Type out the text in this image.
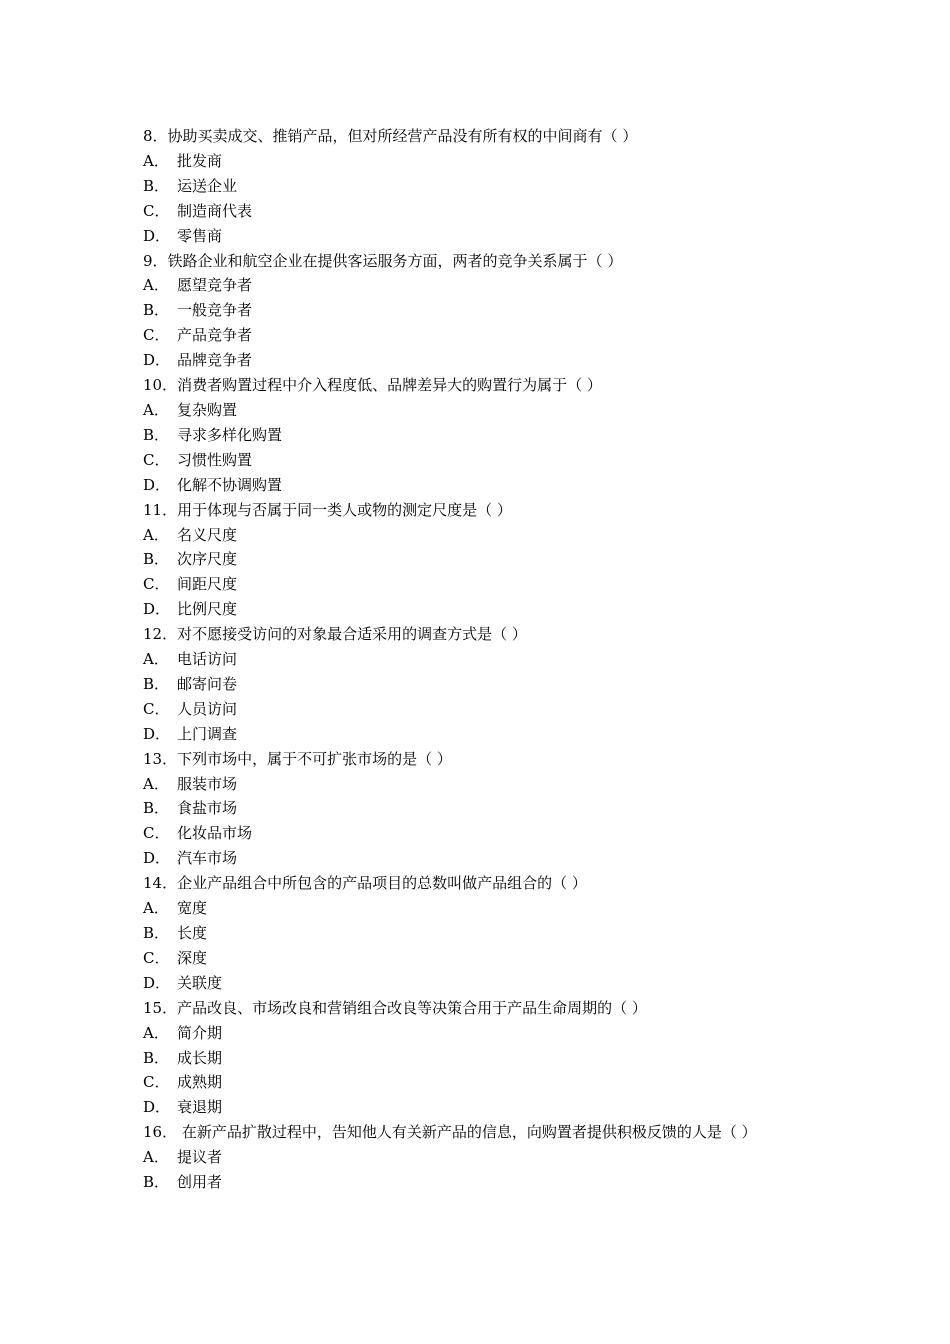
8．协助买卖成交、推销产品，但对所经营产品没有所有权的中间商有（ ）
A． 批发商
B． 运送企业
C． 制造商代表
D． 零售商
9．铁路企业和航空企业在提供客运服务方面，两者的竞争关系属于（ ）
A． 愿望竞争者
B． 一般竞争者
C． 产品竞争者
D． 品牌竞争者
10．消费者购置过程中介入程度低、品牌差异大的购置行为属于（ ）
A． 复杂购置
B． 寻求多样化购置
C． 习惯性购置
D． 化解不协调购置
11．用于体现与否属于同一类人或物的测定尺度是（ ）
A． 名义尺度
B． 次序尺度
C． 间距尺度
D． 比例尺度
12．对不愿接受访问的对象最合适采用的调查方式是（ ）
A． 电话访问
B． 邮寄问卷
C． 人员访问
D． 上门调查
13．下列市场中，属于不可扩张市场的是（ ）
A． 服装市场
B． 食盐市场
C． 化妆品市场
D． 汽车市场
14．企业产品组合中所包含的产品项目的总数叫做产品组合的（ ）
A． 宽度
B． 长度
C． 深度
D． 关联度
15．产品改良、市场改良和营销组合改良等决策合用于产品生命周期的（ ）
A． 简介期
B． 成长期
C． 成熟期
D． 衰退期
16． 在新产品扩散过程中，告知他人有关新产品的信息，向购置者提供积极反馈的人是（ ）
A． 提议者
B． 创用者
